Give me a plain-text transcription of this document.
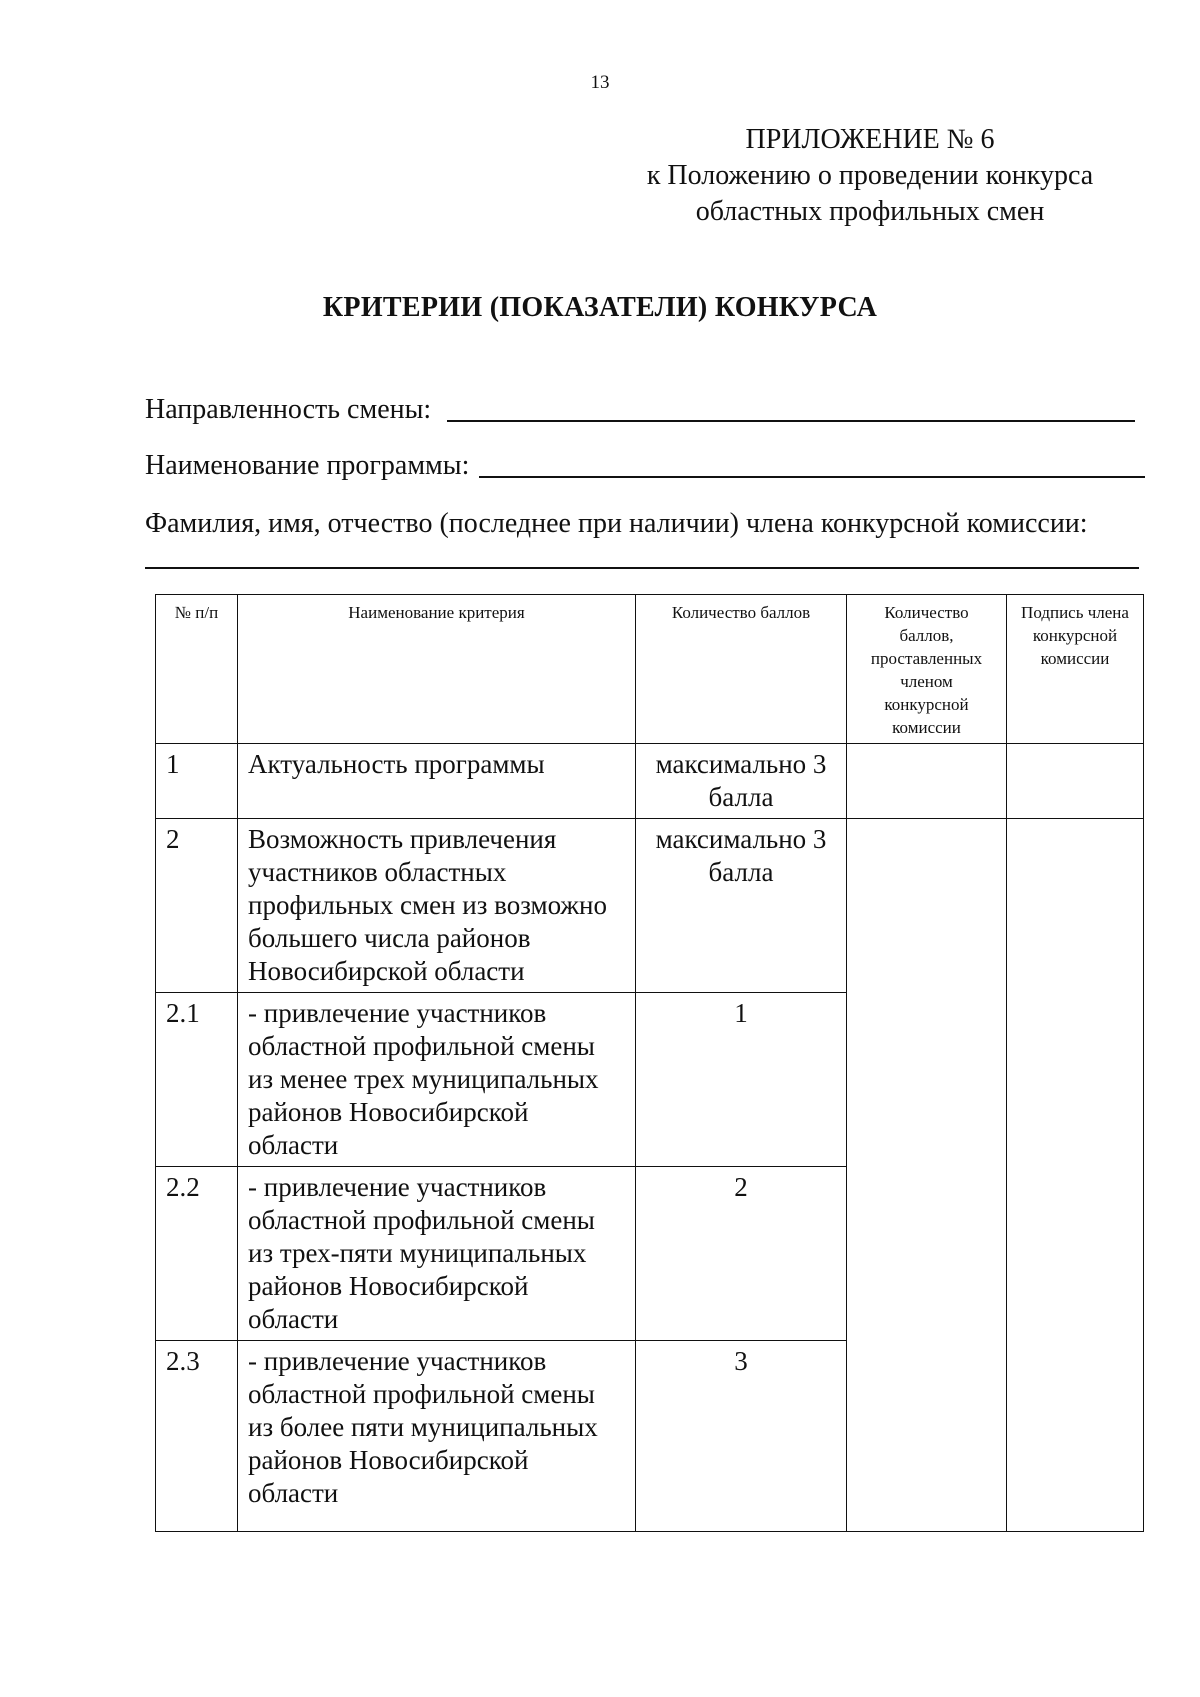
13
ПРИЛОЖЕНИЕ № 6
к Положению о проведении конкурса
областных профильных смен
КРИТЕРИИ (ПОКАЗАТЕЛИ) КОНКУРСА
Направленность смены:
Наименование программы:
Фамилия, имя, отчество (последнее при наличии) члена конкурсной комиссии:
№ п/п	Наименование критерия	Количество баллов	Количество баллов, проставленных членом конкурсной комиссии	Подпись члена конкурсной комиссии
1	Актуальность программы	максимально 3 балла		
2	Возможность привлечения участников областных профильных смен из возможно большего числа районов Новосибирской области	максимально 3 балла		
2.1	- привлечение участников областной профильной смены из менее трех муниципальных районов Новосибирской области	1		
2.2	- привлечение участников областной профильной смены из трех-пяти муниципальных районов Новосибирской области	2		
2.3	- привлечение участников областной профильной смены из более пяти муниципальных районов Новосибирской области	3		
